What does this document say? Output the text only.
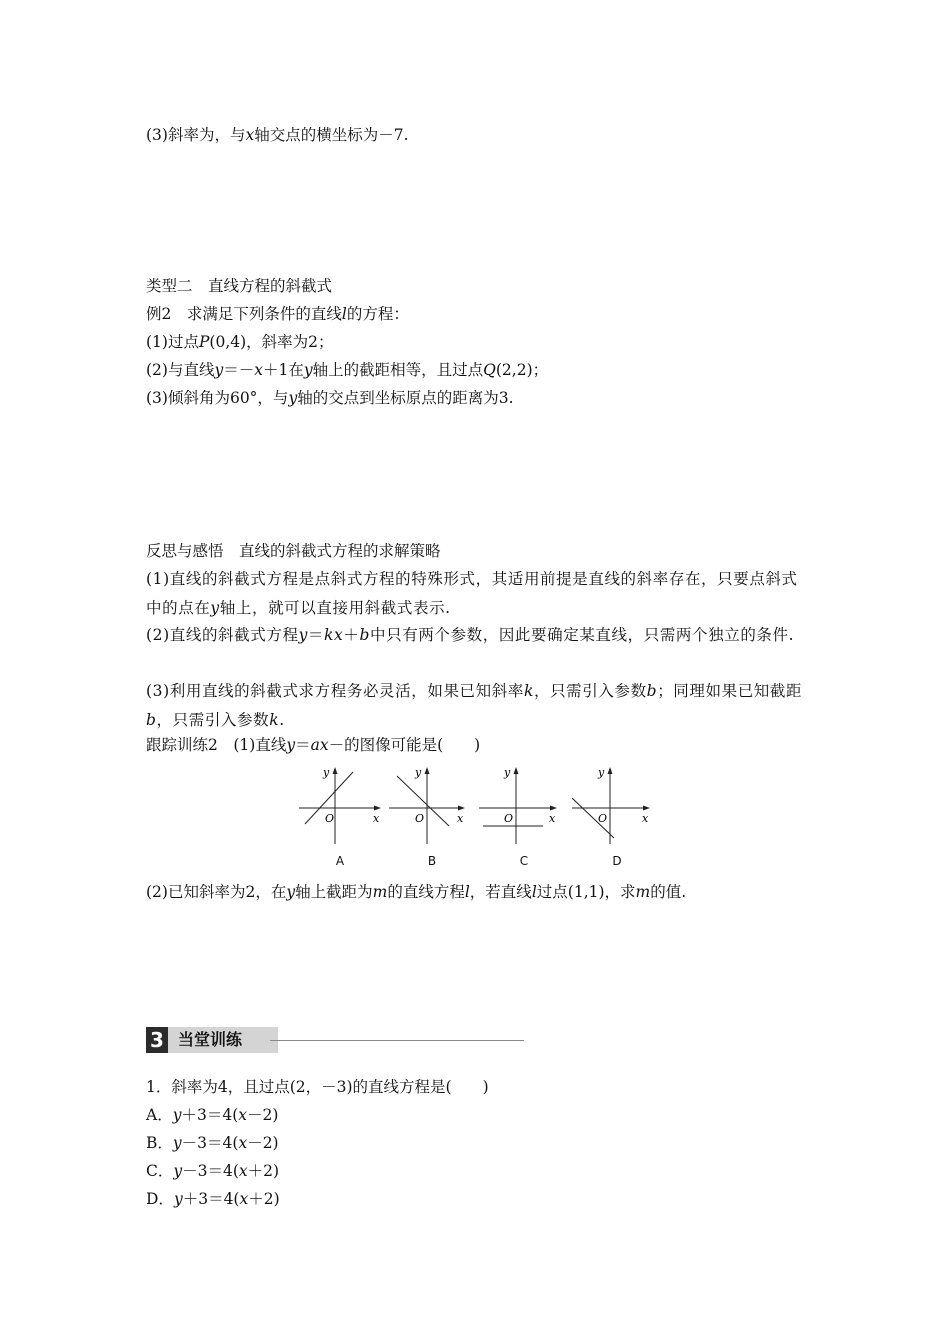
(3)斜率为，与x轴交点的横坐标为－7.
类型二　直线方程的斜截式
例2　求满足下列条件的直线l的方程：
(1)过点P(0,4)，斜率为2；
(2)与直线y＝－x＋1在y轴上的截距相等，且过点Q(2,2)；
(3)倾斜角为60°，与y轴的交点到坐标原点的距离为3.
反思与感悟　直线的斜截式方程的求解策略
(1)直线的斜截式方程是点斜式方程的特殊形式，其适用前提是直线的斜率存在，只要点斜式中的点在y轴上，就可以直接用斜截式表示.
(2)直线的斜截式方程y＝kx＋b中只有两个参数，因此要确定某直线，只需两个独立的条件.
(3)利用直线的斜截式求方程务必灵活，如果已知斜率k，只需引入参数b；同理如果已知截距b，只需引入参数k.
跟踪训练2　(1)直线y＝ax－的图像可能是(　　)
y
x
O
A
y
x
O
B
y
x
O
C
y
x
O
D
(2)已知斜率为2，在y轴上截距为m的直线方程l，若直线l过点(1,1)，求m的值.
3 当堂训练
1．斜率为4，且过点(2，－3)的直线方程是(　　)
A．y＋3＝4(x－2)
B．y－3＝4(x－2)
C．y－3＝4(x＋2)
D．y＋3＝4(x＋2)
